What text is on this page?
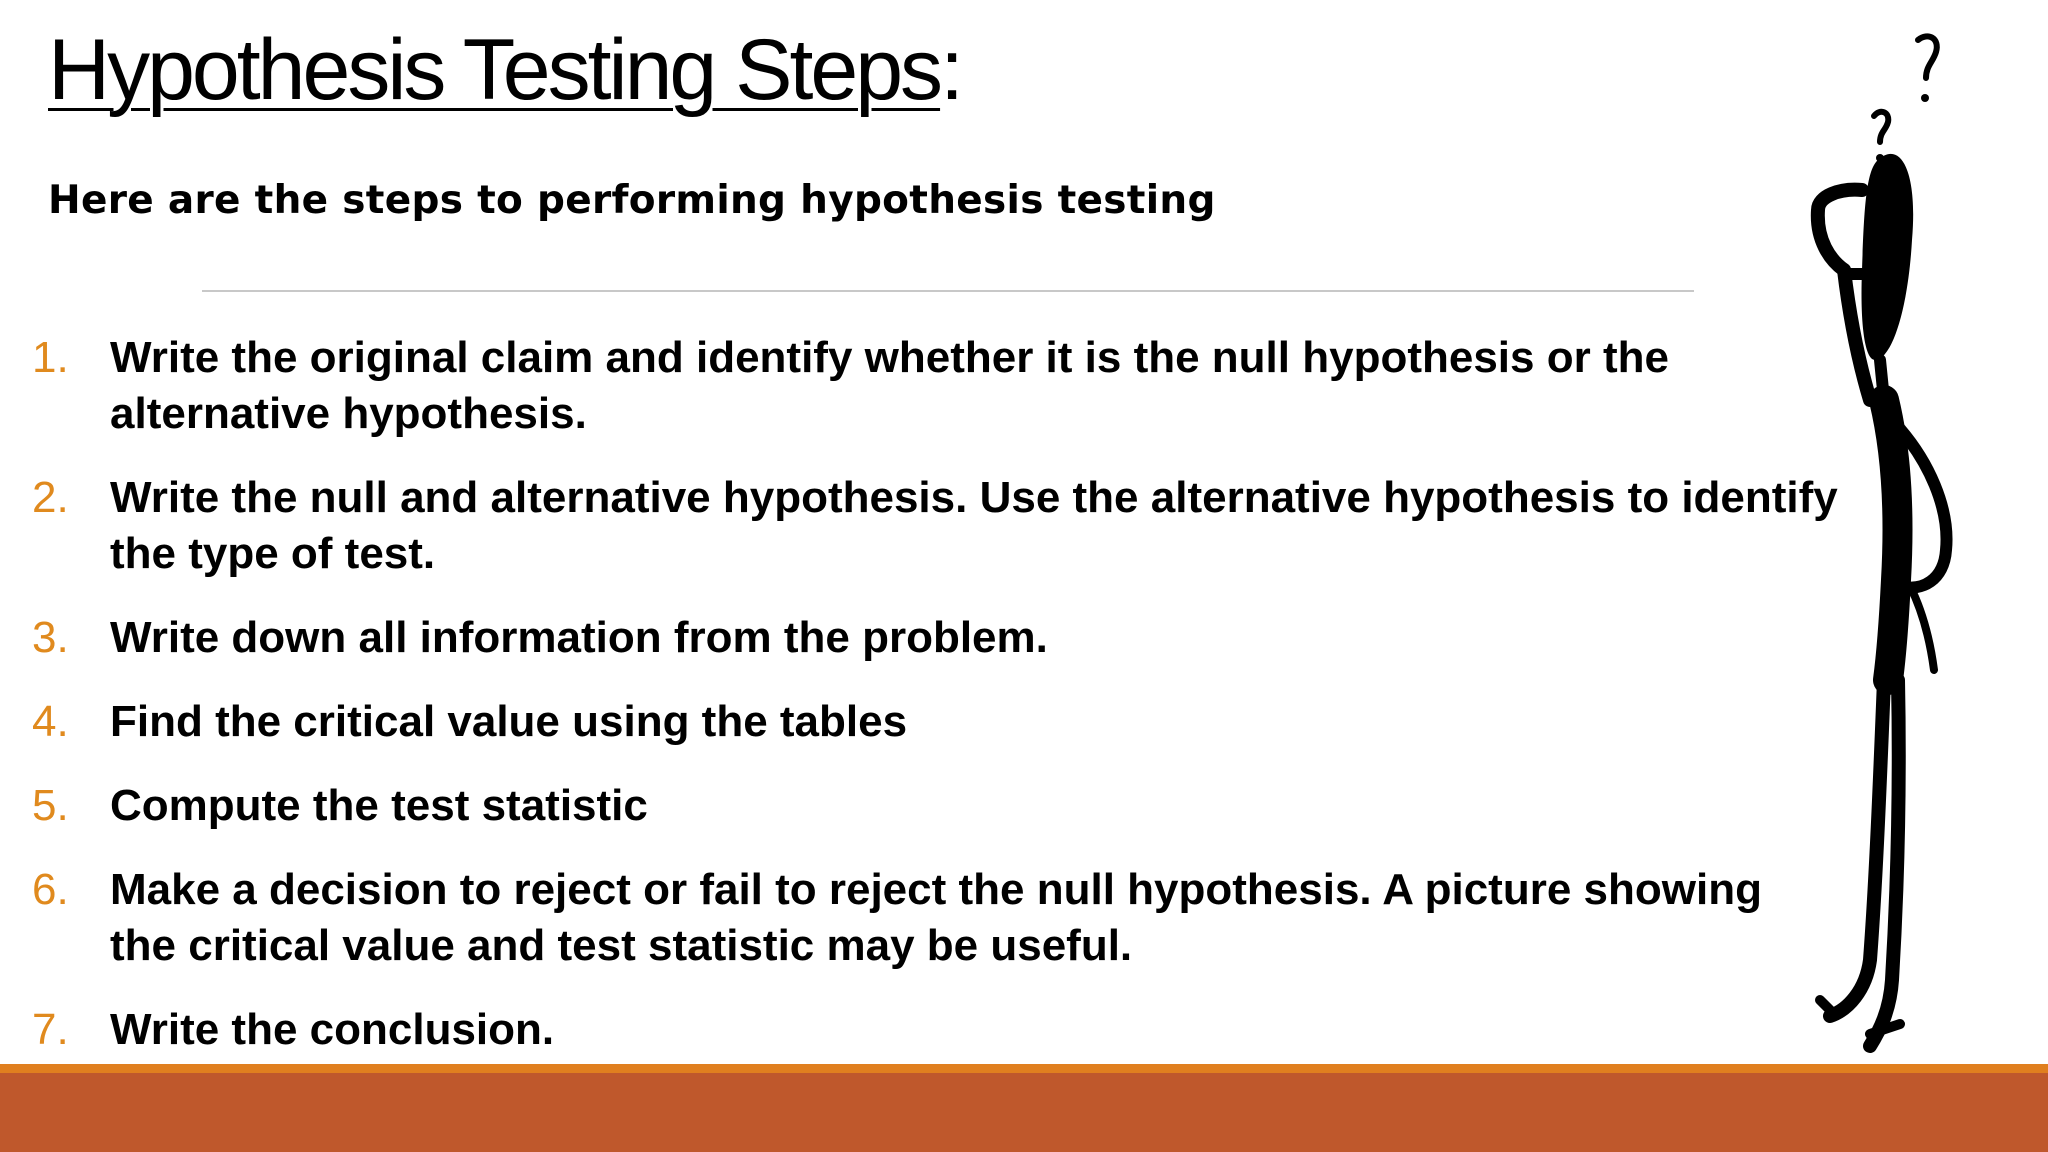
Hypothesis Testing Steps:

Here are the steps to performing hypothesis testing

1. Write the original claim and identify whether it is the null hypothesis or the alternative hypothesis.
2. Write the null and alternative hypothesis. Use the alternative hypothesis to identify the type of test.
3. Write down all information from the problem.
4. Find the critical value using the tables
5. Compute the test statistic
6. Make a decision to reject or fail to reject the null hypothesis. A picture showing the critical value and test statistic may be useful.
7. Write the conclusion.
